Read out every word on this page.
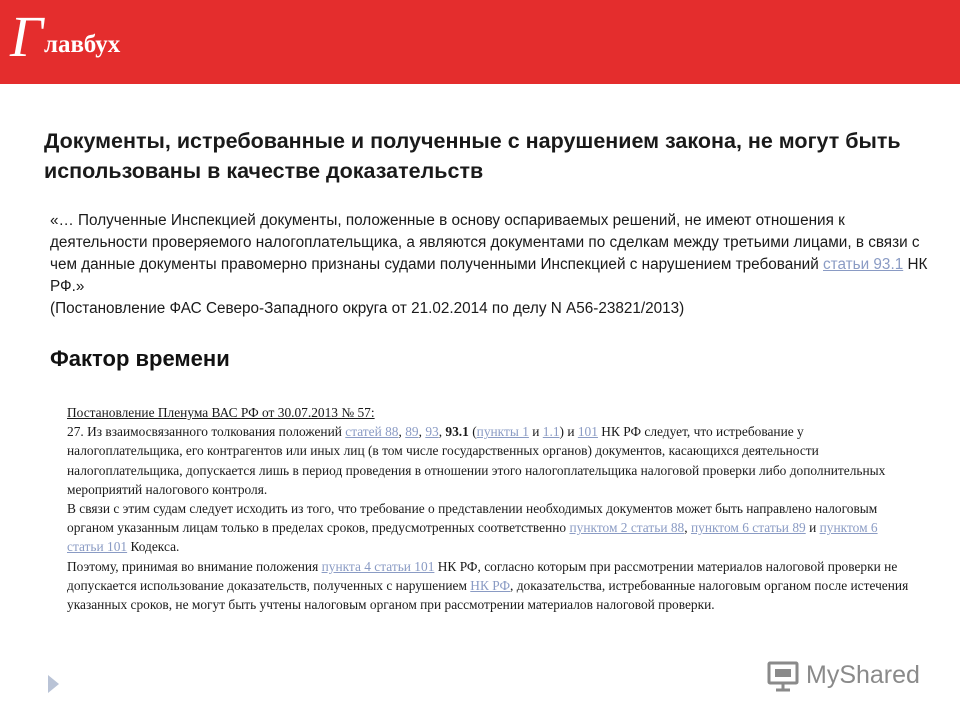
Г лавбух
Документы, истребованные и полученные с нарушением закона, не могут быть использованы в качестве доказательств

«… Полученные Инспекцией документы, положенные в основу оспариваемых решений, не имеют отношения к деятельности проверяемого налогоплательщика, а являются документами по сделкам между третьими лицами, в связи с чем данные документы правомерно признаны судами полученными Инспекцией с нарушением требований статьи 93.1 НК РФ.»

(Постановление ФАС Северо-Западного округа от 21.02.2014 по делу N А56-23821/2013)

Фактор времени

Постановление Пленума ВАС РФ от 30.07.2013 № 57:

27. Из взаимосвязанного толкования положений статей 88, 89, 93, 93.1 (пункты 1 и 1.1) и 101 НК РФ следует, что истребование у налогоплательщика, его контрагентов или иных лиц (в том числе государственных органов) документов, касающихся деятельности налогоплательщика, допускается лишь в период проведения в отношении этого налогоплательщика налоговой проверки либо дополнительных мероприятий налогового контроля.

В связи с этим судам следует исходить из того, что требование о представлении необходимых документов может быть направлено налоговым органом указанным лицам только в пределах сроков, предусмотренных соответственно пунктом 2 статьи 88, пунктом 6 статьи 89 и пунктом 6 статьи 101 Кодекса.

Поэтому, принимая во внимание положения пункта 4 статьи 101 НК РФ, согласно которым при рассмотрении материалов налоговой проверки не допускается использование доказательств, полученных с нарушением НК РФ, доказательства, истребованные налоговым органом после истечения указанных сроков, не могут быть учтены налоговым органом при рассмотрении материалов налоговой проверки.

MyShared
